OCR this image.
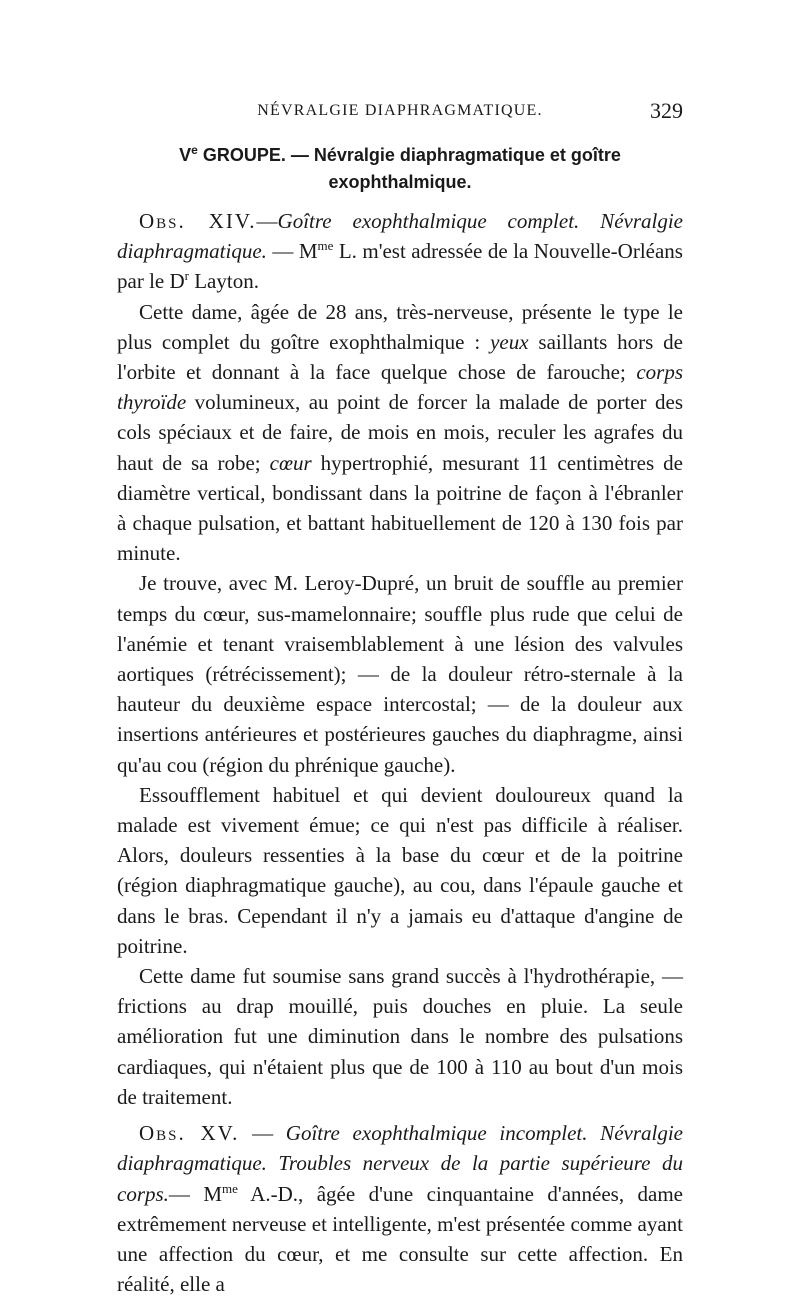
NÉVRALGIE DIAPHRAGMATIQUE.	329
Ve GROUPE. — Névralgie diaphragmatique et goître exophthalmique.

Obs. XIV.—Goître exophthalmique complet. Névralgie diaphragmatique. — $M^{me}$ L. m'est adressée de la Nouvelle-Orléans par le $D^r$ Layton.

Cette dame, âgée de 28 ans, très-nerveuse, présente le type le plus complet du goître exophthalmique : yeux saillants hors de l'orbite et donnant à la face quelque chose de farouche; corps thyroïde volumineux, au point de forcer la malade de porter des cols spéciaux et de faire, de mois en mois, reculer les agrafes du haut de sa robe; cœur hypertrophié, mesurant 11 centimètres de diamètre vertical, bondissant dans la poitrine de façon à l'ébranler à chaque pulsation, et battant habituellement de 120 à 130 fois par minute.

Je trouve, avec M. Leroy-Dupré, un bruit de souffle au premier temps du cœur, sus-mamelonnaire; souffle plus rude que celui de l'anémie et tenant vraisemblablement à une lésion des valvules aortiques (rétrécissement); — de la douleur rétro-sternale à la hauteur du deuxième espace intercostal; — de la douleur aux insertions antérieures et postérieures gauches du diaphragme, ainsi qu'au cou (région du phrénique gauche).

Essoufflement habituel et qui devient douloureux quand la malade est vivement émue; ce qui n'est pas difficile à réaliser. Alors, douleurs ressenties à la base du cœur et de la poitrine (région diaphragmatique gauche), au cou, dans l'épaule gauche et dans le bras. Cependant il n'y a jamais eu d'attaque d'angine de poitrine.

Cette dame fut soumise sans grand succès à l'hydrothérapie, —frictions au drap mouillé, puis douches en pluie. La seule amélioration fut une diminution dans le nombre des pulsations cardiaques, qui n'étaient plus que de 100 à 110 au bout d'un mois de traitement.

Obs. XV. — Goître exophthalmique incomplet. Névralgie diaphragmatique. Troubles nerveux de la partie supérieure du corps.— $M^{me}$ A.-D., âgée d'une cinquantaine d'années, dame extrêmement nerveuse et intelligente, m'est présentée comme ayant une affection du cœur, et me consulte sur cette affection. En réalité, elle a
